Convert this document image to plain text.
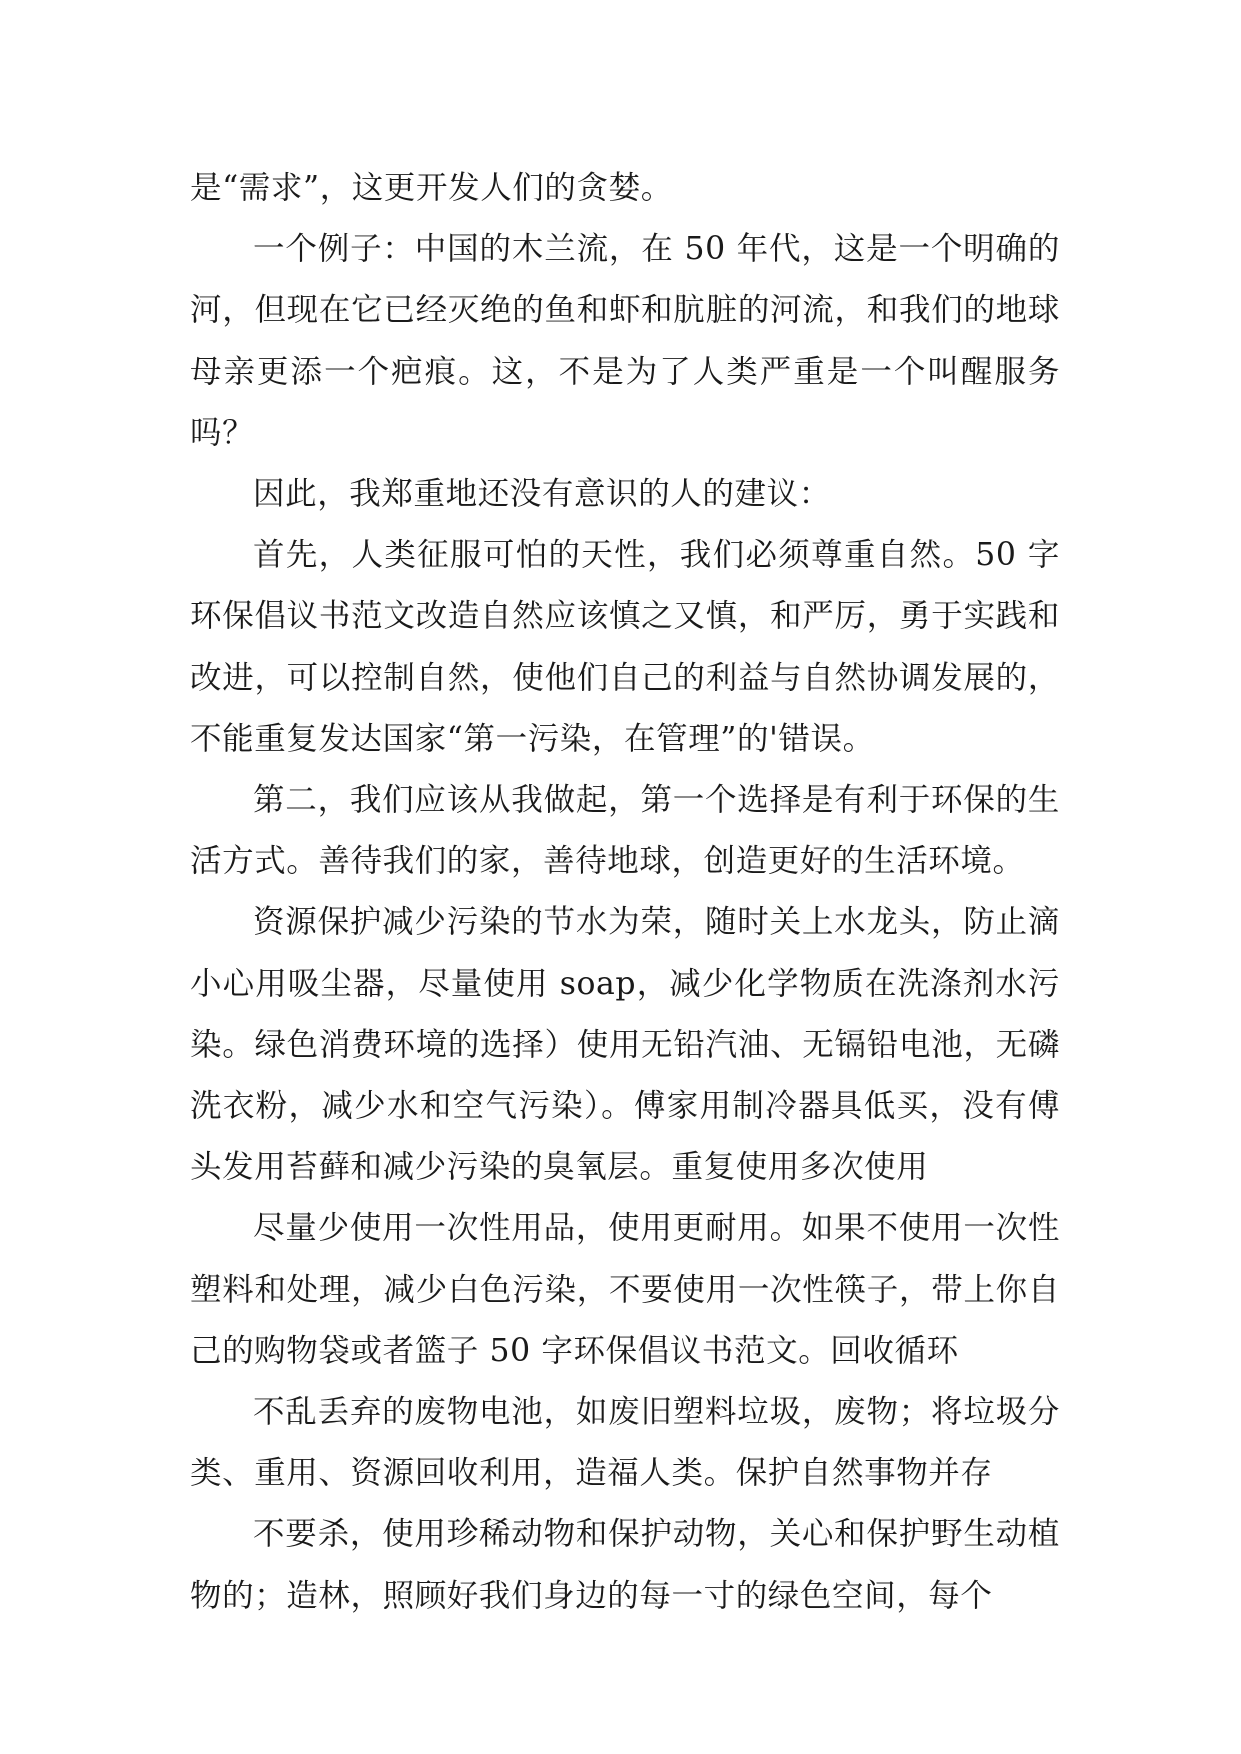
是“需求”，这更开发人们的贪婪。

一个例子：中国的木兰流，在 50 年代，这是一个明确的河，但现在它已经灭绝的鱼和虾和肮脏的河流，和我们的地球母亲更添一个疤痕。这，不是为了人类严重是一个叫醒服务吗？

因此，我郑重地还没有意识的人的建议：

首先，人类征服可怕的天性，我们必须尊重自然。50 字环保倡议书范文改造自然应该慎之又慎，和严厉，勇于实践和改进，可以控制自然，使他们自己的利益与自然协调发展的，不能重复发达国家“第一污染，在管理”的'错误。

第二，我们应该从我做起，第一个选择是有利于环保的生活方式。善待我们的家，善待地球，创造更好的生活环境。

资源保护减少污染的节水为荣，随时关上水龙头，防止滴小心用吸尘器，尽量使用 soap，减少化学物质在洗涤剂水污染。绿色消费环境的选择）使用无铅汽油、无镉铅电池，无磷洗衣粉，减少水和空气污染）。傅家用制冷器具低买，没有傅头发用苔藓和减少污染的臭氧层。重复使用多次使用

尽量少使用一次性用品，使用更耐用。如果不使用一次性塑料和处理，减少白色污染，不要使用一次性筷子，带上你自己的购物袋或者篮子 50 字环保倡议书范文。回收循环

不乱丢弃的废物电池，如废旧塑料垃圾，废物；将垃圾分类、重用、资源回收利用，造福人类。保护自然事物并存

不要杀，使用珍稀动物和保护动物，关心和保护野生动植物的；造林，照顾好我们身边的每一寸的绿色空间，每个
